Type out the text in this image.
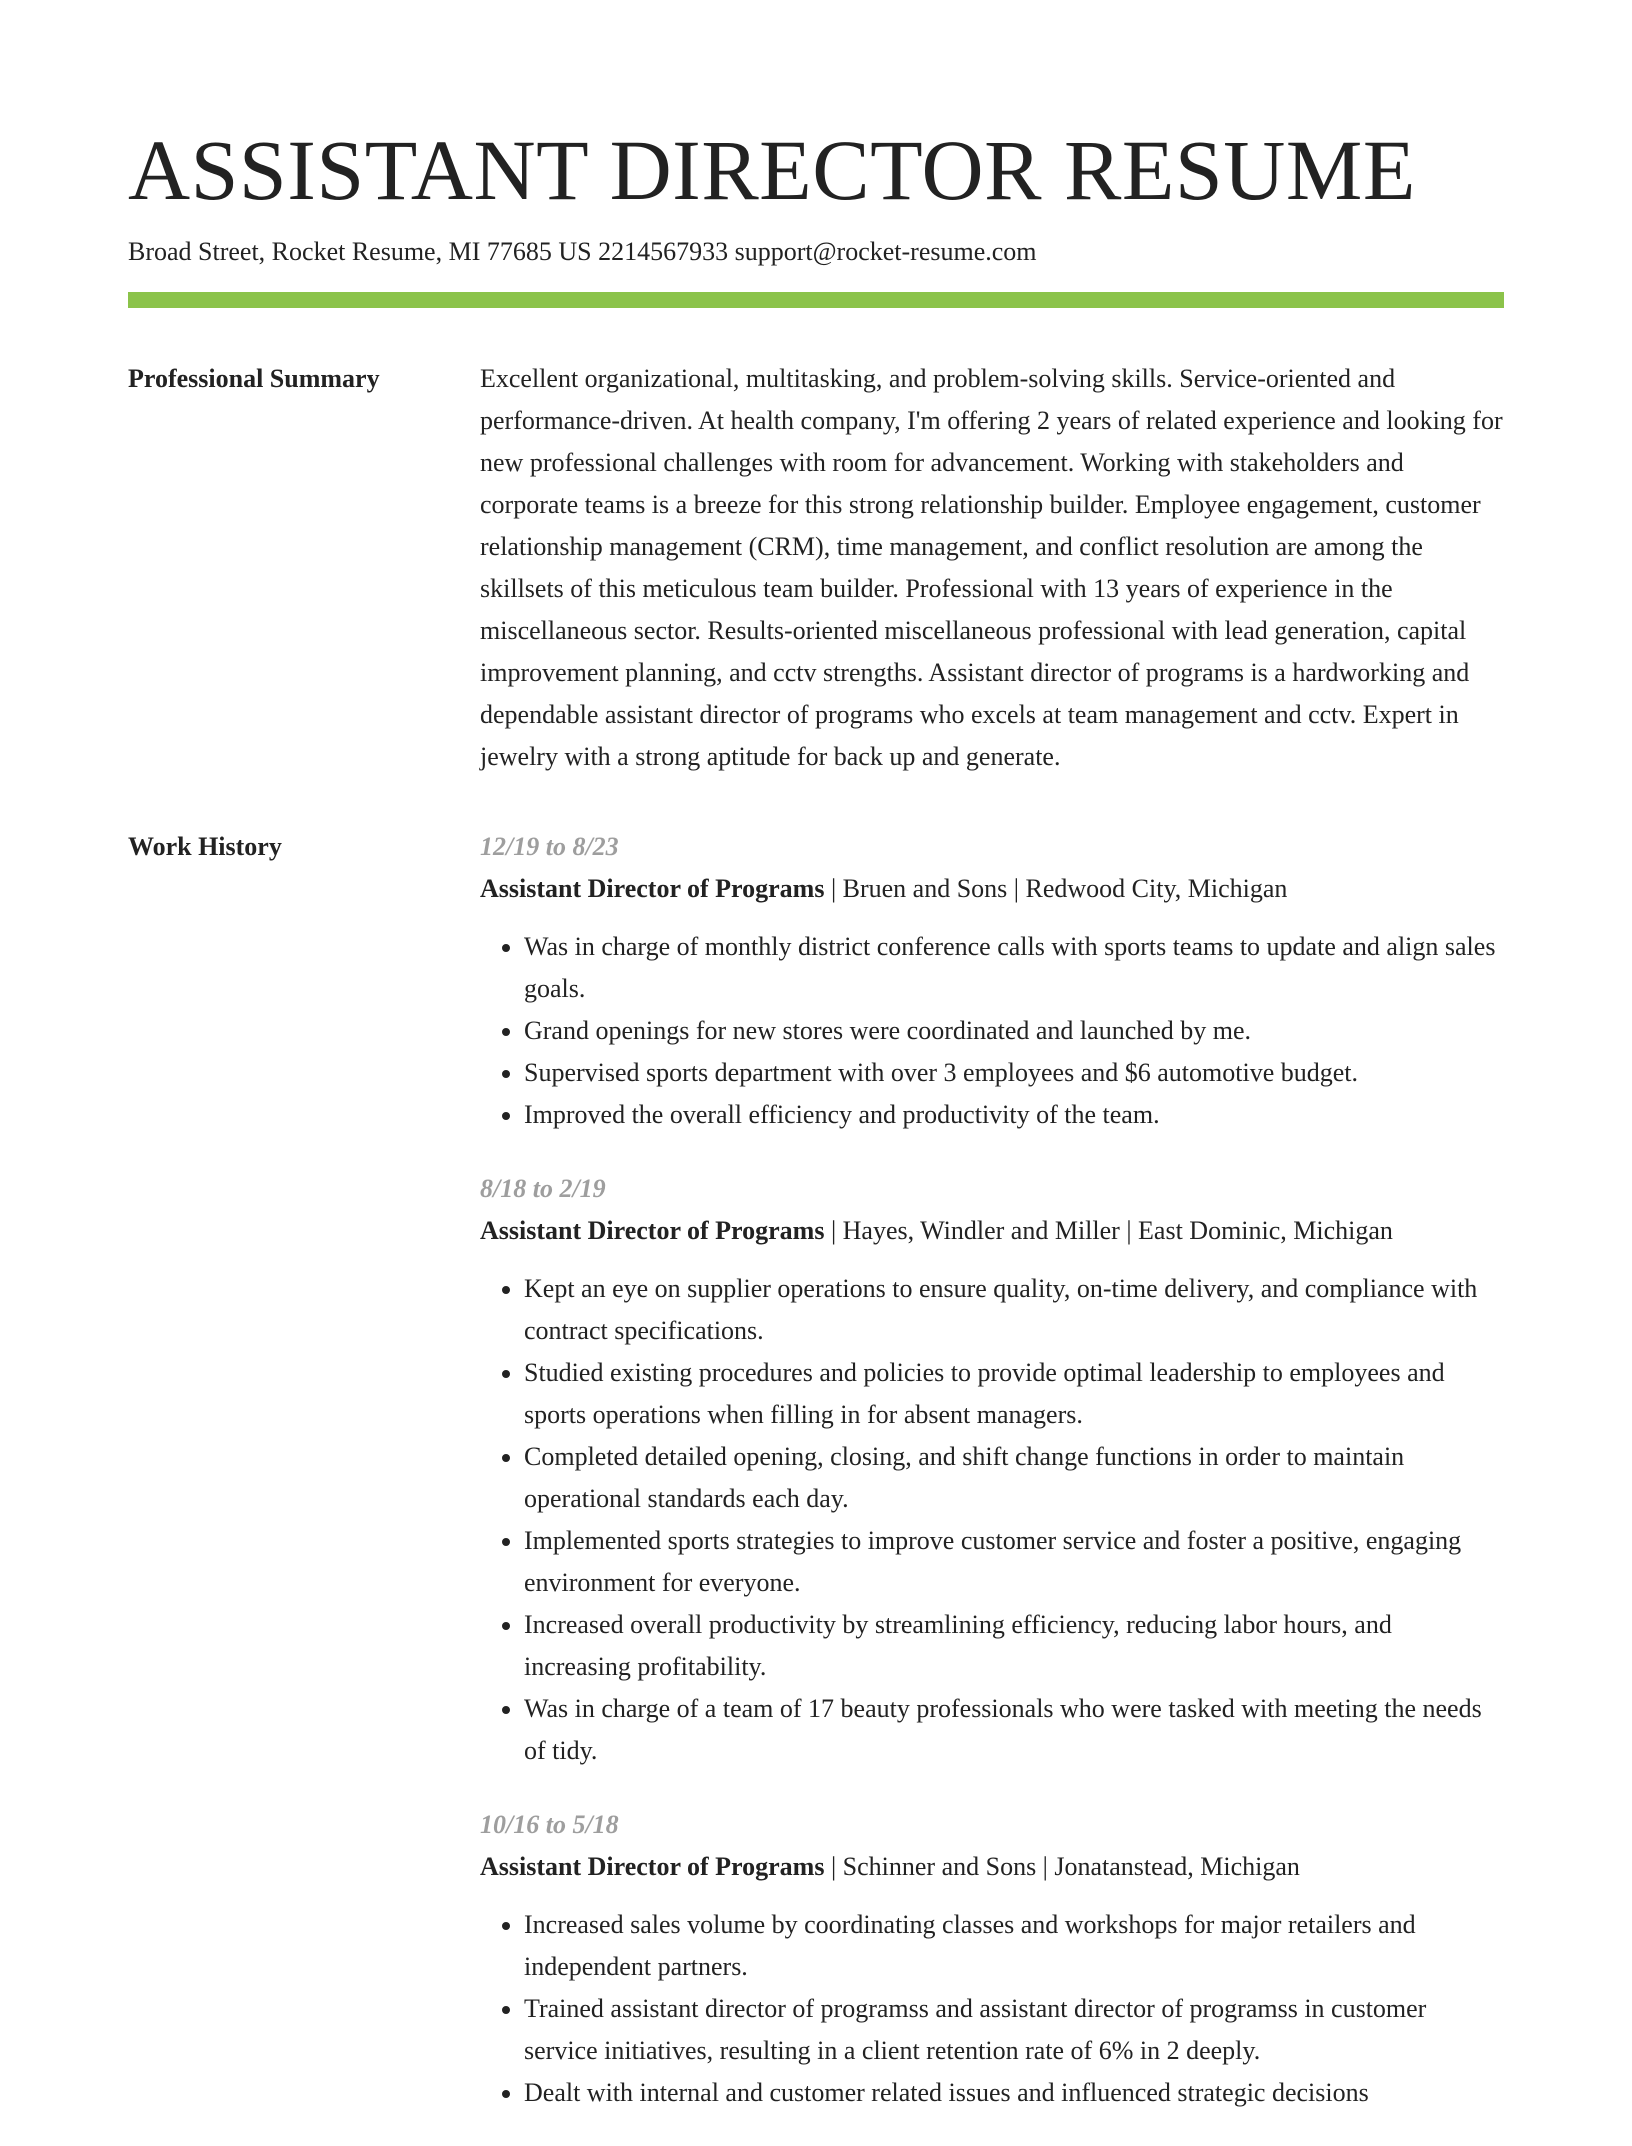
ASSISTANT DIRECTOR RESUME
Broad Street, Rocket Resume, MI 77685 US 2214567933 support@rocket-resume.com
Professional Summary	Excellent organizational, multitasking, and problem-solving skills. Service-oriented and performance-driven. At health company, I'm offering 2 years of related experience and looking for new professional challenges with room for advancement. Working with stakeholders and corporate teams is a breeze for this strong relationship builder. Employee engagement, customer relationship management (CRM), time management, and conflict resolution are among the skillsets of this meticulous team builder. Professional with 13 years of experience in the miscellaneous sector. Results-oriented miscellaneous professional with lead generation, capital improvement planning, and cctv strengths. Assistant director of programs is a hardworking and dependable assistant director of programs who excels at team management and cctv. Expert in jewelry with a strong aptitude for back up and generate.

Work History	12/19 to 8/23
Assistant Director of Programs | Bruen and Sons | Redwood City, Michigan
• Was in charge of monthly district conference calls with sports teams to update and align sales goals.
• Grand openings for new stores were coordinated and launched by me.
• Supervised sports department with over 3 employees and $6 automotive budget.
• Improved the overall efficiency and productivity of the team.
8/18 to 2/19
Assistant Director of Programs | Hayes, Windler and Miller | East Dominic, Michigan
• Kept an eye on supplier operations to ensure quality, on-time delivery, and compliance with contract specifications.
• Studied existing procedures and policies to provide optimal leadership to employees and sports operations when filling in for absent managers.
• Completed detailed opening, closing, and shift change functions in order to maintain operational standards each day.
• Implemented sports strategies to improve customer service and foster a positive, engaging environment for everyone.
• Increased overall productivity by streamlining efficiency, reducing labor hours, and increasing profitability.
• Was in charge of a team of 17 beauty professionals who were tasked with meeting the needs of tidy.
10/16 to 5/18
Assistant Director of Programs | Schinner and Sons | Jonatanstead, Michigan
• Increased sales volume by coordinating classes and workshops for major retailers and independent partners.
• Trained assistant director of programss and assistant director of programss in customer service initiatives, resulting in a client retention rate of 6% in 2 deeply.
• Dealt with internal and customer related issues and influenced strategic decisions
